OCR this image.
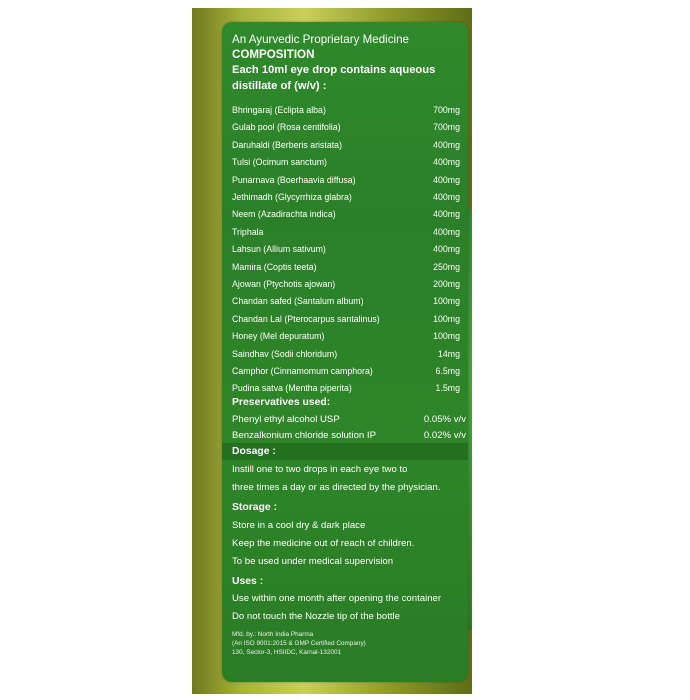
An Ayurvedic Proprietary Medicine
COMPOSITION
Each 10ml eye drop contains aqueous
distillate of (w/v) :
Bhringaraj (Eclipta alba)	700mg
Gulab pool (Rosa centifolia)	700mg
Daruhaldi (Berberis aristata)	400mg
Tulsi (Ocimum sanctum)	400mg
Punarnava (Boerhaavia diffusa)	400mg
Jethimadh (Glycyrrhiza glabra)	400mg
Neem (Azadirachta indica)	400mg
Triphala	400mg
Lahsun (Allium sativum)	400mg
Mamira (Coptis teeta)	250mg
Ajowan (Ptychotis ajowan)	200mg
Chandan safed (Santalum album)	100mg
Chandan Lal (Pterocarpus santalinus)	100mg
Honey (Mel depuratum)	100mg
Saindhav (Sodii chloridum)	14mg
Camphor (Cinnamomum camphora)	6.5mg
Pudina satva (Mentha piperita)	1.5mg
Phenyl ethyl alcohol USP	0.05% v/v
Benzalkonium chloride solution IP	0.02% v/v
Preservatives used:
Dosage :
Instill one to two drops in each eye two to
three times a day or as directed by the physician.
Storage :
Store in a cool dry & dark place
Keep the medicine out of reach of children.
To be used under medical supervision
Uses :
Use within one month after opening the container
Do not touch the Nozzle tip of the bottle
Mfd. by.: North India Pharma
(An ISO 9001:2015 & GMP Certified Company)
130, Sector-3, HSIIDC, Karnal-132001
